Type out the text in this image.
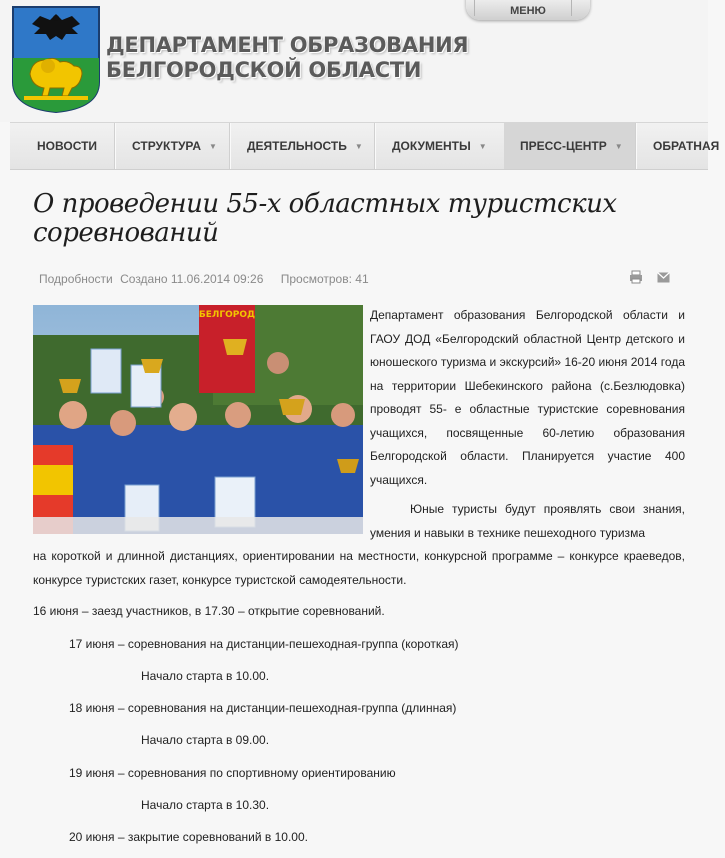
ДЕПАРТАМЕНТ ОБРАЗОВАНИЯ
БЕЛГОРОДСКОЙ ОБЛАСТИ
МЕНЮ
НОВОСТИ	СТРУКТУРА ▼	ДЕЯТЕЛЬНОСТЬ ▼	ДОКУМЕНТЫ ▼	ПРЕСС-ЦЕНТР ▼	ОБРАТНАЯ
О проведении 55-х областных туристских соревнований
Подробности Создано 11.06.2014 09:26 Просмотров: 41
БЕЛГОРОД	Департамент образования Белгородской области и ГАОУ ДОД «Белгородский областной Центр детского и юношеского туризма и экскурсий» 16-20 июня 2014 года на территории Шебекинского района (с.Безлюдовка) проводят 55- е областные туристские соревнования учащихся, посвященные 60-летию образования Белгородской области. Планируется участие 400 учащихся.
Юные туристы будут проявлять свои знания, умения и навыки в технике пешеходного туризма
на короткой и длинной дистанциях, ориентировании на местности, конкурсной программе – конкурсе краеведов, конкурсе туристских газет, конкурсе туристской самодеятельности.
16 июня – заезд участников, в 17.30 – открытие соревнований.
17 июня – соревнования на дистанции-пешеходная-группа (короткая)
Начало старта в 10.00.
18 июня – соревнования на дистанции-пешеходная-группа (длинная)
Начало старта в 09.00.
19 июня – соревнования по спортивному ориентированию
Начало старта в 10.30.
20 июня – закрытие соревнований в 10.00.
